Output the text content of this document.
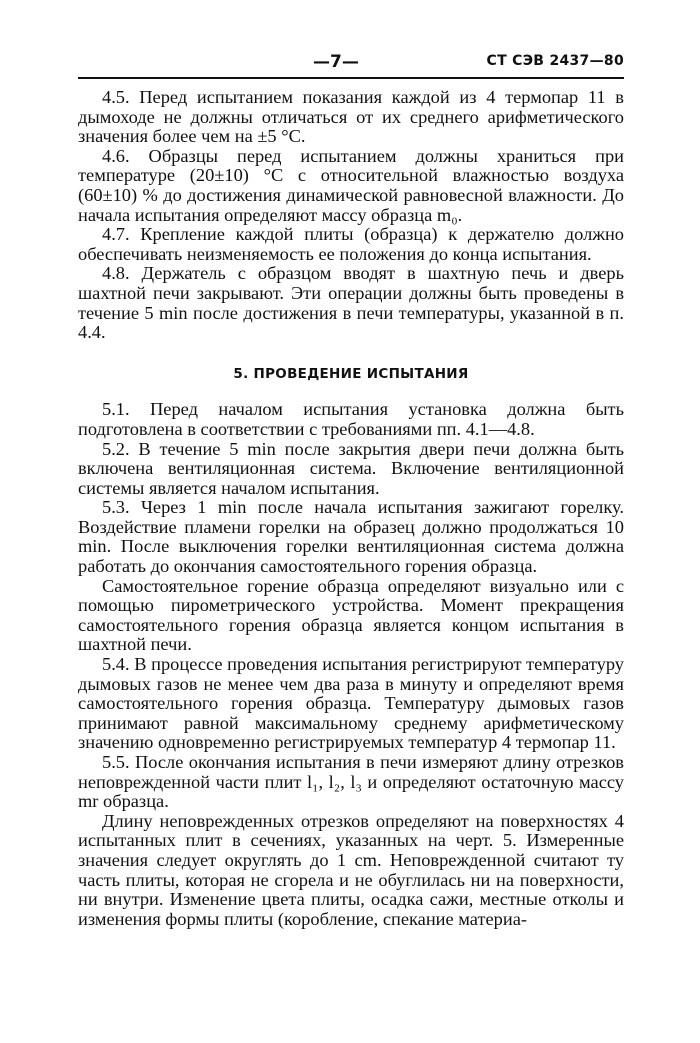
—7—	СТ СЭВ 2437—80

4.5. Перед испытанием показания каждой из 4 термопар 11 в дымоходе не должны отличаться от их среднего арифметического значения более чем на ±5 °С.

4.6. Образцы перед испытанием должны храниться при температуре (20±10) °С с относительной влажностью воздуха (60±10) % до достижения динамической равновесной влажности. До начала испытания определяют массу образца m₀.

4.7. Крепление каждой плиты (образца) к держателю должно обеспечивать неизменяемость ее положения до конца испытания.

4.8. Держатель с образцом вводят в шахтную печь и дверь шахтной печи закрывают. Эти операции должны быть проведены в течение 5 min после достижения в печи температуры, указанной в п. 4.4.

5. ПРОВЕДЕНИЕ ИСПЫТАНИЯ

5.1. Перед началом испытания установка должна быть подготовлена в соответствии с требованиями пп. 4.1—4.8.

5.2. В течение 5 min после закрытия двери печи должна быть включена вентиляционная система. Включение вентиляционной системы является началом испытания.

5.3. Через 1 min после начала испытания зажигают горелку. Воздействие пламени горелки на образец должно продолжаться 10 min. После выключения горелки вентиляционная система должна работать до окончания самостоятельного горения образца.

Самостоятельное горение образца определяют визуально или с помощью пирометрического устройства. Момент прекращения самостоятельного горения образца является концом испытания в шахтной печи.

5.4. В процессе проведения испытания регистрируют температуру дымовых газов не менее чем два раза в минуту и определяют время самостоятельного горения образца. Температуру дымовых газов принимают равной максимальному среднему арифметическому значению одновременно регистрируемых температур 4 термопар 11.

5.5. После окончания испытания в печи измеряют длину отрезков неповрежденной части плит l₁, l₂, l₃ и определяют остаточную массу mr образца.

Длину неповрежденных отрезков определяют на поверхностях 4 испытанных плит в сечениях, указанных на черт. 5. Измеренные значения следует округлять до 1 cm. Неповрежденной считают ту часть плиты, которая не сгорела и не обуглилась ни на поверхности, ни внутри. Изменение цвета плиты, осадка сажи, местные отколы и изменения формы плиты (коробление, спекание материа-
